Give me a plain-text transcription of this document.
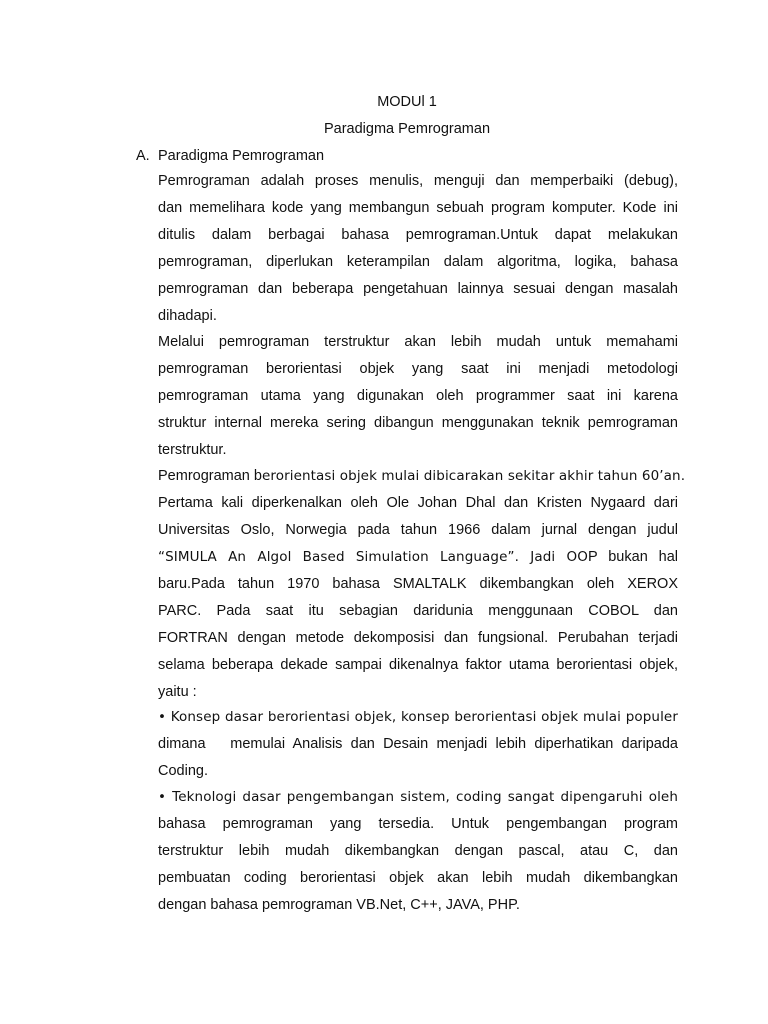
MODUl 1
Paradigma Pemrograman
A. Paradigma Pemrograman
Pemrograman adalah proses menulis, menguji dan memperbaiki (debug),
dan memelihara kode yang membangun sebuah program komputer. Kode ini
ditulis dalam berbagai bahasa pemrograman.Untuk dapat melakukan
pemrograman, diperlukan keterampilan dalam algoritma, logika, bahasa
pemrograman dan beberapa pengetahuan lainnya sesuai dengan masalah
dihadapi.
Melalui pemrograman terstruktur akan lebih mudah untuk memahami
pemrograman berorientasi objek yang saat ini menjadi metodologi
pemrograman utama yang digunakan oleh programmer saat ini karena
struktur internal mereka sering dibangun menggunakan teknik pemrograman
terstruktur.
Pemrograman berorientasi objek mulai dibicarakan sekitar akhir tahun 60’an.
Pertama kali diperkenalkan oleh Ole Johan Dhal dan Kristen Nygaard dari
Universitas Oslo, Norwegia pada tahun 1966 dalam jurnal dengan judul
“SIMULA An Algol Based Simulation Language”. Jadi OOP bukan hal
baru.Pada tahun 1970 bahasa SMALTALK dikembangkan oleh XEROX
PARC. Pada saat itu sebagian daridunia menggunaan COBOL dan
FORTRAN dengan metode dekomposisi dan fungsional. Perubahan terjadi
selama beberapa dekade sampai dikenalnya faktor utama berorientasi objek,
yaitu :
• Konsep dasar berorientasi objek, konsep berorientasi objek mulai populer
dimana   memulai Analisis dan Desain menjadi lebih diperhatikan daripada
Coding.
• Teknologi dasar pengembangan sistem, coding sangat dipengaruhi oleh
bahasa pemrograman yang tersedia. Untuk pengembangan program
terstruktur lebih mudah dikembangkan dengan pascal, atau C, dan
pembuatan coding berorientasi objek akan lebih mudah dikembangkan
dengan bahasa pemrograman VB.Net, C++, JAVA, PHP.
